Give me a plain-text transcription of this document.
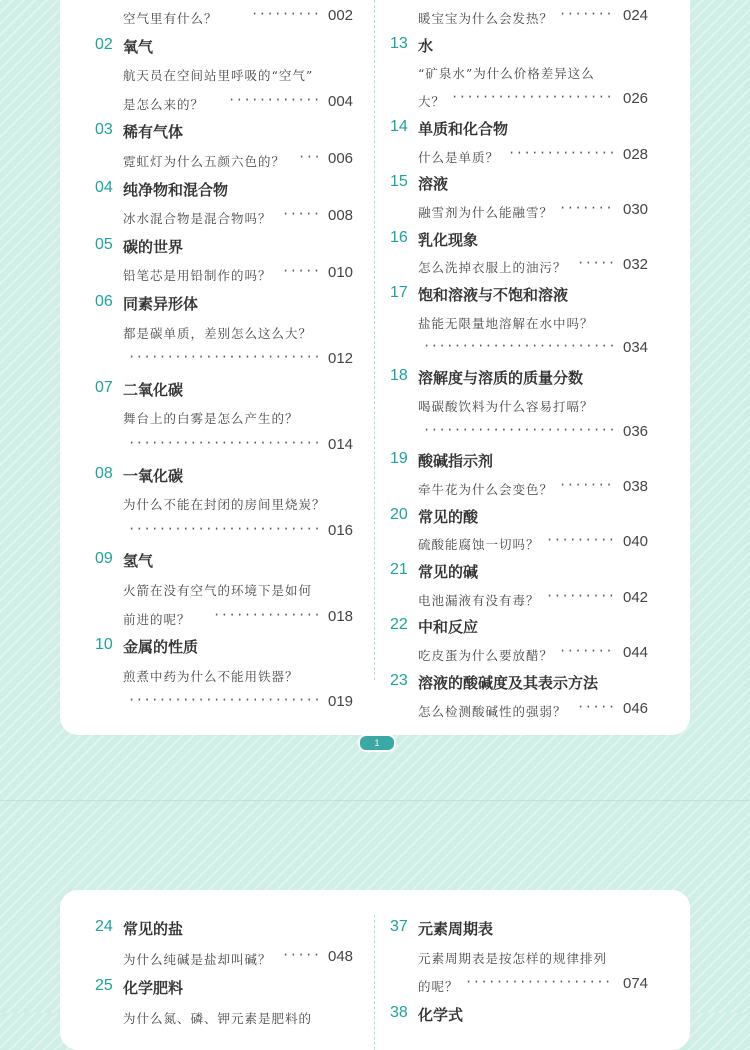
空气里有什么？	········· 002
02 氧气
航天员在空间站里呼吸的“空气”
是怎么来的？ ············ 004
03 稀有气体
霓虹灯为什么五颜六色的？ ··· 006
04 纯净物和混合物
冰水混合物是混合物吗？ ····· 008
05 碳的世界
铅笔芯是用铅制作的吗？ ····· 010
06 同素异形体
都是碳单质，差别怎么这么大？
························· 012
07 二氧化碳
舞台上的白雾是怎么产生的？
························· 014
08 一氧化碳
为什么不能在封闭的房间里烧炭？
························· 016
09 氢气
火箭在没有空气的环境下是如何
前进的呢？ ·············· 018
10 金属的性质
煎煮中药为什么不能用铁器？
························· 019
暖宝宝为什么会发热？ ······· 024
13 水
“矿泉水”为什么价格差异这么
大？ ····················· 026
14 单质和化合物
什么是单质？ ·············· 028
15 溶液
融雪剂为什么能融雪？ ······· 030
16 乳化现象
怎么洗掉衣服上的油污？ ····· 032
17 饱和溶液与不饱和溶液
盐能无限量地溶解在水中吗？
························· 034
18 溶解度与溶质的质量分数
喝碳酸饮料为什么容易打嗝？
························· 036
19 酸碱指示剂
牵牛花为什么会变色？ ······· 038
20 常见的酸
硫酸能腐蚀一切吗？ ········· 040
21 常见的碱
电池漏液有没有毒？ ········· 042
22 中和反应
吃皮蛋为什么要放醋？ ······· 044
23 溶液的酸碱度及其表示方法
怎么检测酸碱性的强弱？ ····· 046
1
24 常见的盐
为什么纯碱是盐却叫碱？ ····· 048
25 化学肥料
为什么氮、磷、钾元素是肥料的
37 元素周期表
元素周期表是按怎样的规律排列
的呢？ ··················· 074
38 化学式
